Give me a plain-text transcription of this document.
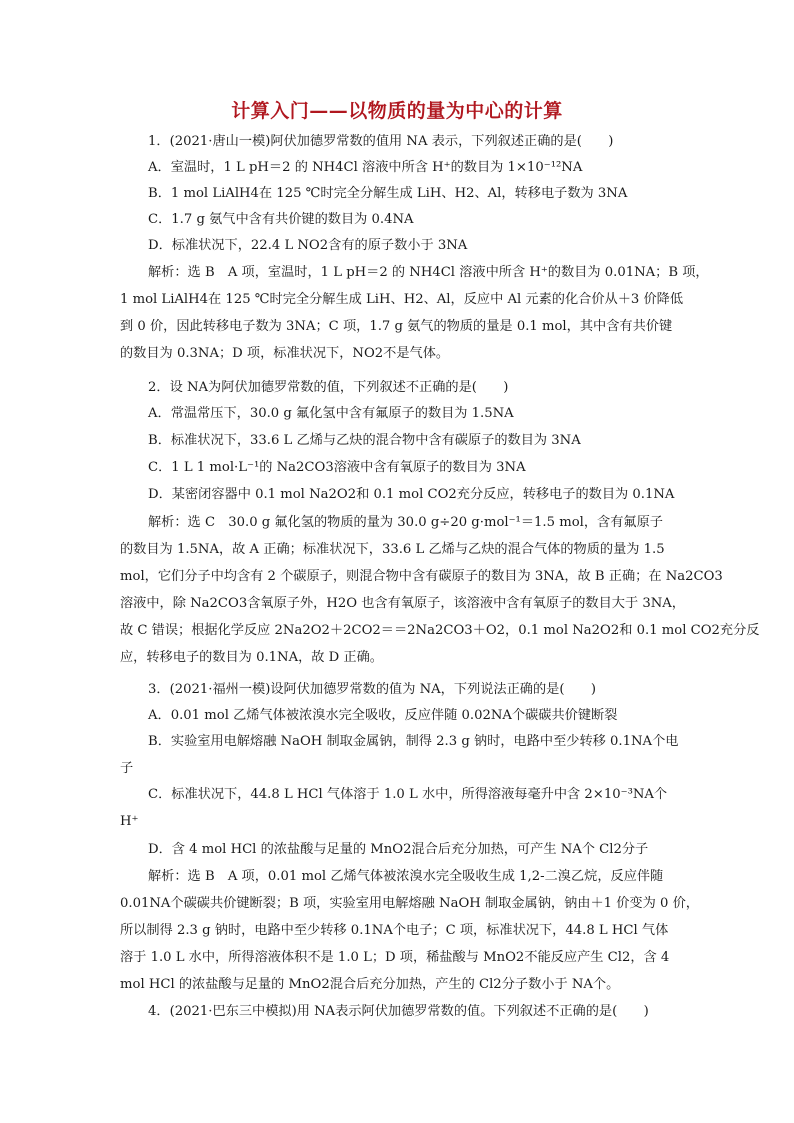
计算入门——以物质的量为中心的计算
1．(2021·唐山一模)阿伏加德罗常数的值用 NA 表示，下列叙述正确的是(　　)
A．室温时，1 L pH＝2 的 NH4Cl 溶液中所含 H⁺的数目为 1×10⁻¹²NA
B．1 mol LiAlH4在 125 ℃时完全分解生成 LiH、H2、Al，转移电子数为 3NA
C．1.7 g 氨气中含有共价键的数目为 0.4NA
D．标准状况下，22.4 L NO2含有的原子数小于 3NA
解析：选 B　A 项，室温时，1 L pH＝2 的 NH4Cl 溶液中所含 H⁺的数目为 0.01NA；B 项，
1 mol LiAlH4在 125 ℃时完全分解生成 LiH、H2、Al，反应中 Al 元素的化合价从＋3 价降低
到 0 价，因此转移电子数为 3NA；C 项，1.7 g 氨气的物质的量是 0.1 mol，其中含有共价键
的数目为 0.3NA；D 项，标准状况下，NO2不是气体。
2．设 NA为阿伏加德罗常数的值，下列叙述不正确的是(　　)
A．常温常压下，30.0 g 氟化氢中含有氟原子的数目为 1.5NA
B．标准状况下，33.6 L 乙烯与乙炔的混合物中含有碳原子的数目为 3NA
C．1 L 1 mol·L⁻¹的 Na2CO3溶液中含有氧原子的数目为 3NA
D．某密闭容器中 0.1 mol Na2O2和 0.1 mol CO2充分反应，转移电子的数目为 0.1NA
解析：选 C　30.0 g 氟化氢的物质的量为 30.0 g÷20 g·mol⁻¹＝1.5 mol，含有氟原子
的数目为 1.5NA，故 A 正确；标准状况下，33.6 L 乙烯与乙炔的混合气体的物质的量为 1.5
mol，它们分子中均含有 2 个碳原子，则混合物中含有碳原子的数目为 3NA，故 B 正确；在 Na2CO3
溶液中，除 Na2CO3含氧原子外，H2O 也含有氧原子，该溶液中含有氧原子的数目大于 3NA，
故 C 错误；根据化学反应 2Na2O2＋2CO2＝＝2Na2CO3＋O2，0.1 mol Na2O2和 0.1 mol CO2充分反
应，转移电子的数目为 0.1NA，故 D 正确。
3．(2021·福州一模)设阿伏加德罗常数的值为 NA，下列说法正确的是(　　)
A．0.01 mol 乙烯气体被浓溴水完全吸收，反应伴随 0.02NA个碳碳共价键断裂
B．实验室用电解熔融 NaOH 制取金属钠，制得 2.3 g 钠时，电路中至少转移 0.1NA个电
子
C．标准状况下，44.8 L HCl 气体溶于 1.0 L 水中，所得溶液每毫升中含 2×10⁻³NA个
H⁺
D．含 4 mol HCl 的浓盐酸与足量的 MnO2混合后充分加热，可产生 NA个 Cl2分子
解析：选 B　A 项，0.01 mol 乙烯气体被浓溴水完全吸收生成 1,2-二溴乙烷，反应伴随
0.01NA个碳碳共价键断裂；B 项，实验室用电解熔融 NaOH 制取金属钠，钠由＋1 价变为 0 价，
所以制得 2.3 g 钠时，电路中至少转移 0.1NA个电子；C 项，标准状况下，44.8 L HCl 气体
溶于 1.0 L 水中，所得溶液体积不是 1.0 L；D 项，稀盐酸与 MnO2不能反应产生 Cl2，含 4
mol HCl 的浓盐酸与足量的 MnO2混合后充分加热，产生的 Cl2分子数小于 NA个。
4．(2021·巴东三中模拟)用 NA表示阿伏加德罗常数的值。下列叙述不正确的是(　　)
